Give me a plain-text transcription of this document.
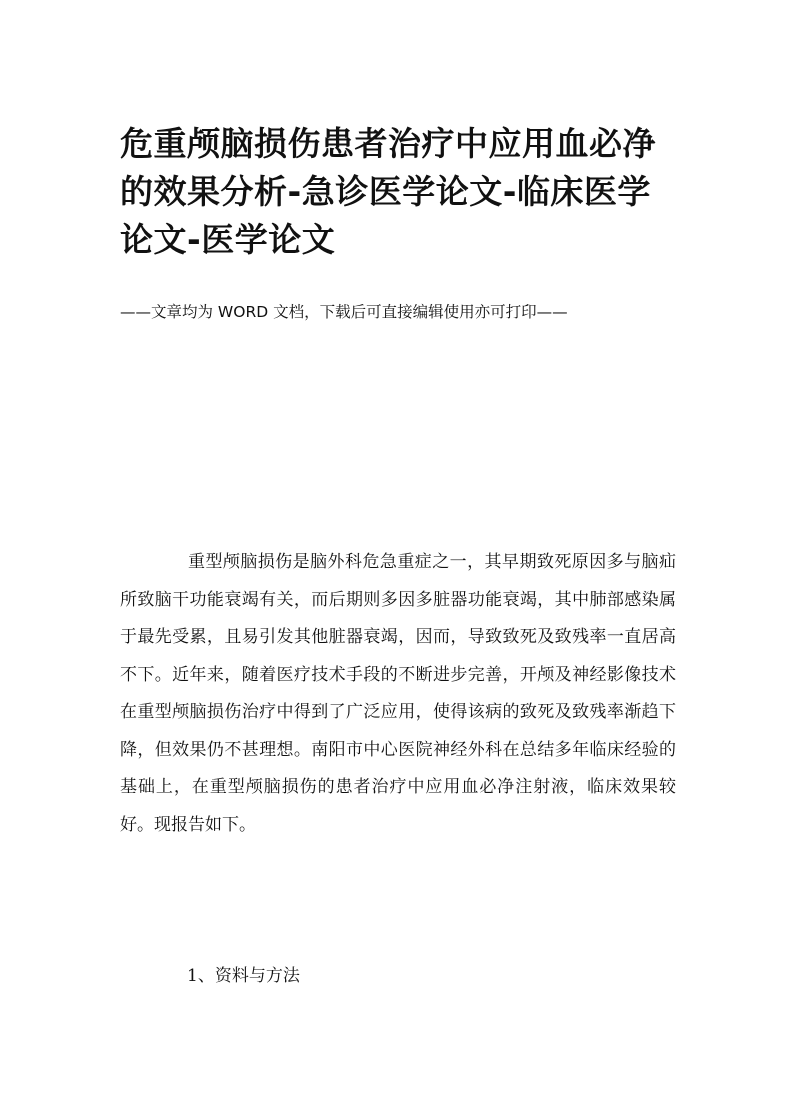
危重颅脑损伤患者治疗中应用血必净的效果分析-急诊医学论文-临床医学论文-医学论文

——文章均为 WORD 文档，下载后可直接编辑使用亦可打印——

重型颅脑损伤是脑外科危急重症之一，其早期致死原因多与脑疝所致脑干功能衰竭有关，而后期则多因多脏器功能衰竭，其中肺部感染属于最先受累，且易引发其他脏器衰竭，因而，导致致死及致残率一直居高不下。近年来，随着医疗技术手段的不断进步完善，开颅及神经影像技术在重型颅脑损伤治疗中得到了广泛应用，使得该病的致死及致残率渐趋下降，但效果仍不甚理想。南阳市中心医院神经外科在总结多年临床经验的基础上，在重型颅脑损伤的患者治疗中应用血必净注射液，临床效果较好。现报告如下。

1、资料与方法
